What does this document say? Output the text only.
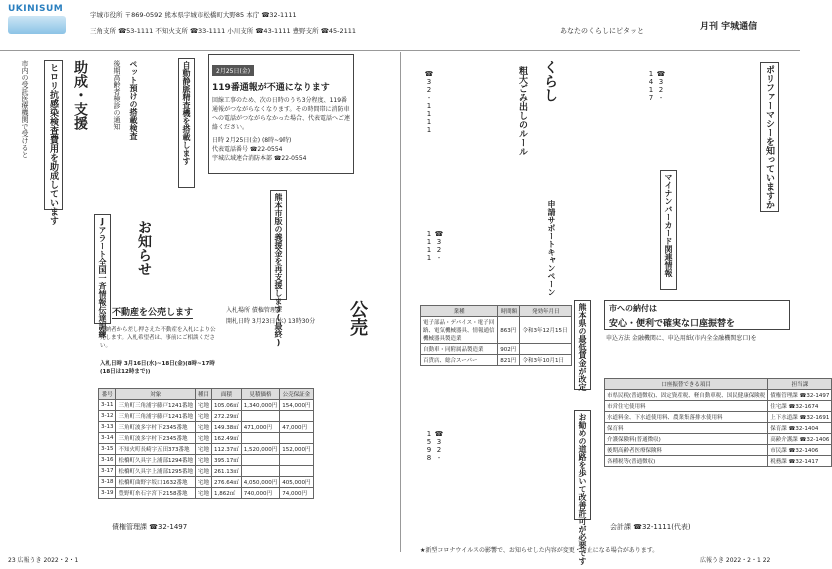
UKINISUM
宇城市役所 〒869-0592 熊本県宇城市松橋町大野85 本庁 ☎32-1111
三角支所 ☎53-1111 不知火支所 ☎33-1111 小川支所 ☎43-1111 豊野支所 ☎45-2111	あなたのくらしにピタッと	月刊 宇城通信
助成・支援
ヒロリ抗感染検査費用を助成しています
市内の受託医療機関で受けると	自動静脈精査機を搭載します
ペット預けの搭載検査
後期高齢者検診の通知	2月25日(金)
119番通報が不通になります
回線工事のため、次の日時のうち3分程度、119番通報がつながらなくなります。その時間帯に消防車への電話がつながらなかった場合、代表電話へご連絡ください。
日時 2月25日(金) (8時~9時)
代表電話番号 ☎22-0554
宇城広域連合消防本部 ☎22-0554
お知らせ
Jアラート全国一斉情報伝達訓練	熊本市版の義援金を再支援します(最終)	公売
不動産を公売します
滞納者から差し押さえた不動産を入札により公売します。入札希望者は、事前にご相談ください。
入札日時 3月16日(水)~18日(金)(8時~17時(18日は12時まで))
入札場所 債権管理課
開札日時 3月23日(水) 13時30分
番号	対象	種目	面積	見積価格	公売保証金
3-11	三角町三角浦字藤戸1241番地	宅地	105.06㎡	1,340,000円	154,000円
3-12	三角町三角浦字藤戸1241番地	宅地	272.29㎡		
3-13	三角町波多字村下2345番地	宅地	149.38㎡	471,000円	47,000円
3-14	三角町波多字村下2345番地	宅地	162.49㎡		
3-15	不知火町長崎字五田373番地	宅地	112.37㎡	1,520,000円	152,000円
3-16	松橋町久具字上浦部1294番地	宅地	395.17㎡		
3-17	松橋町久具字上浦部1295番地	宅地	261.13㎡		
3-18	松橋町曲野字坂口1632番地	宅地	276.64㎡	4,050,000円	405,000円
3-19	豊野町糸石字宮下2158番地	宅地	1,862㎡	740,000円	74,000円
債権管理課 ☎32-1497
23 広報うき 2022・2・1
ポリファーマシーを知っていますか
☎32-1417
くらし
粗大ごみ出しのルール
☎32-1111
マイナンバーカード関連情報
申請サポートキャンペーン
☎32-1111
業種	時間額	発効年月日
電子部品・デバイス・電子回路、電気機械器具、情報通信機械器具製造業	863円	令和3年12月15日
自動車・同附属品製造業	902円	
百貨店、総合スーパー	821円	令和3年10月1日	熊本県の最低賃金が改定
お勧めの道路を歩いて改善許可が必要です
☎32-1598
市への納付は
安心・便利で確実な口座振替を
申込方法 金融機関に、申込用紙(市内全金融機関窓口)を
口座振替できる項目	担当課
市県民税(普通徴収)、固定資産税、軽自動車税、国民健康保険税	債権管理課 ☎32-1497
市営住宅使用料	住宅課 ☎32-1674
水道料金、下水道使用料、農業集落排水使用料	上下水道課 ☎32-1691
保育料	保育課 ☎32-1404
介護保険料(普通徴収)	高齢介護課 ☎32-1406
後期高齢者医療保険料	市民課 ☎32-1406
各種税等(普通徴収)	税務課 ☎32-1417
会計課 ☎32-1111(代表)
★新型コロナウイルスの影響で、お知らせした内容が変更・中止になる場合があります。
広報うき 2022・2・1 22
